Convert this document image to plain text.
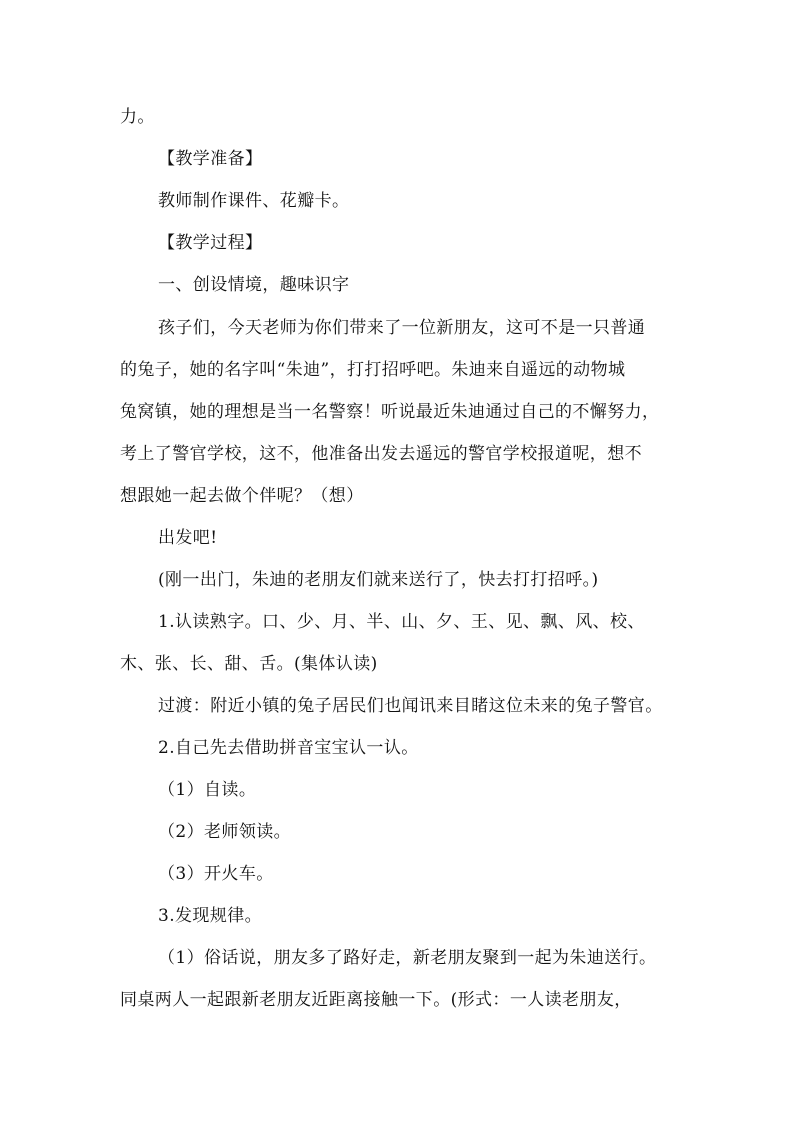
力。
【教学准备】
教师制作课件、花瓣卡。
【教学过程】
一、创设情境，趣味识字
孩子们，今天老师为你们带来了一位新朋友，这可不是一只普通
的兔子，她的名字叫“朱迪”，打打招呼吧。朱迪来自遥远的动物城
兔窝镇，她的理想是当一名警察！听说最近朱迪通过自己的不懈努力，
考上了警官学校，这不，他准备出发去遥远的警官学校报道呢，想不
想跟她一起去做个伴呢？（想）
出发吧!
(刚一出门，朱迪的老朋友们就来送行了，快去打打招呼。)
1.认读熟字。口、少、月、半、山、夕、王、见、飘、风、校、
木、张、长、甜、舌。(集体认读)
过渡：附近小镇的兔子居民们也闻讯来目睹这位未来的兔子警官。
2.自己先去借助拼音宝宝认一认。
（1）自读。
（2）老师领读。
（3）开火车。
3.发现规律。
（1）俗话说，朋友多了路好走，新老朋友聚到一起为朱迪送行。
同桌两人一起跟新老朋友近距离接触一下。(形式：一人读老朋友，
